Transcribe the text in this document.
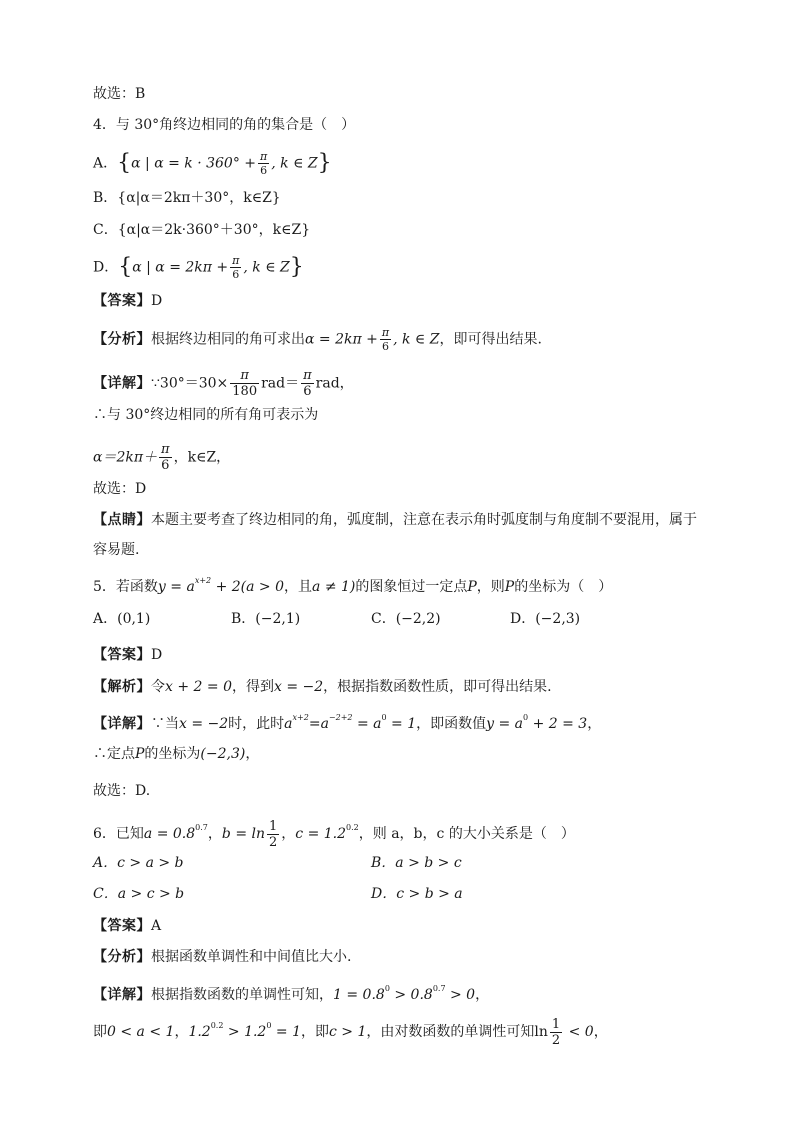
故选：B
4．与 30°角终边相同的角的集合是（　）
A．{α | $\alpha = k \cdot 360^\circ + \frac{\pi}{6}$ , k ∈ Z}
B．{α|α＝2kπ＋30°，k∈Z}
C．{α|α＝2k·360°＋30°，k∈Z}
D．{α | $\alpha = 2k\pi + \frac{\pi}{6}$ , k ∈ Z}
【答案】D
【分析】根据终边相同的角可求出$\alpha = 2k\pi + \frac{\pi}{6}$ , k ∈ Z，即可得出结果.
【详解】∵30°＝30× $\frac{\pi}{180} rad= \frac{\pi}{6}$ rad，
∴与 30°终边相同的所有角可表示为
$\alpha=2k\pi+ \frac{\pi}{6}$ ，k∈Z，
故选：D
【点睛】本题主要考查了终边相同的角，弧度制，注意在表示角时弧度制与角度制不要混用，属于
容易题.
5．若函数$y = a^{x+2} + 2(a > 0$，且a ≠ 1)的图象恒过一定点P，则P的坐标为（　）
A．(0,1)	B．(−2,1)	C．(−2,2)	D．(−2,3)
【答案】D
【解析】令x + 2 = 0，得到x = −2，根据指数函数性质，即可得出结果.
【详解】∵当x = −2时，此时$a^{x+2}=a^{-2+2} = a^0 = 1$，即函数值$y = a^0 + 2 = 3$，
∴定点P的坐标为(−2,3)，
故选：D.
6．已知$a = 0.8^{0.7}$，$b = \ln \frac{1}{2}$ ，$c = 1.2^{0.2}$，则 a，b，c 的大小关系是（　）
A．c > a > b	B．a > b > c
C．a > c > b	D．c > b > a
【答案】A
【分析】根据函数单调性和中间值比大小.
【详解】根据指数函数的单调性可知，$1 = 0.8^0 > 0.8^{0.7} > 0$，
即0 < a < 1，$1.2^{0.2} > 1.2^0 = 1$，即c > 1，由对数函数的单调性可知$\ln \frac{1}{2} < 0$，
